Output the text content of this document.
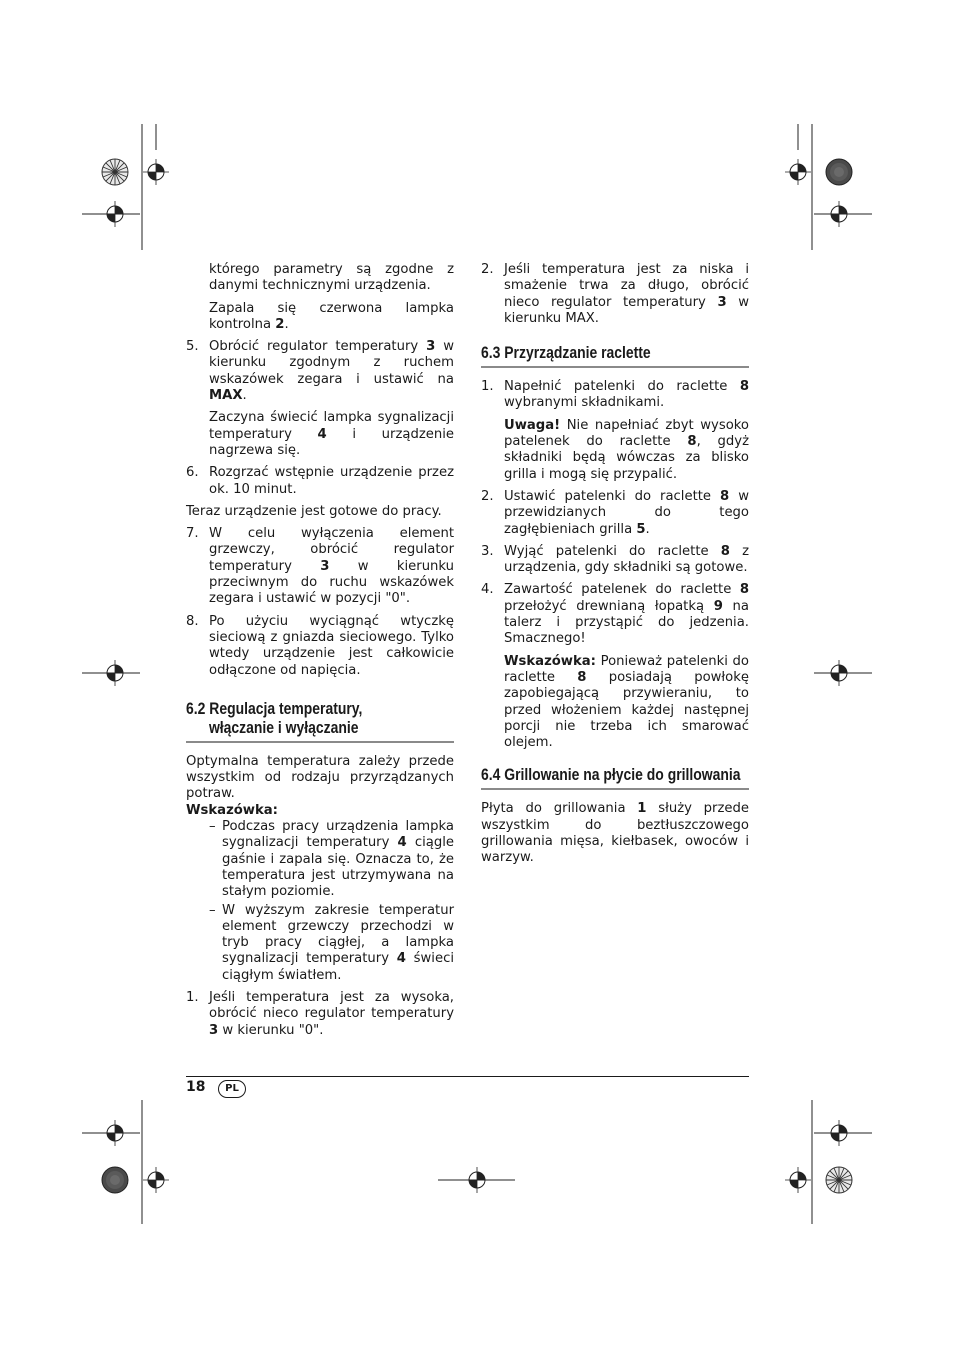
którego parametry są zgodne z danymi technicznymi urządzenia.

Zapala się czerwona lampka kontrolna 2.

5. Obrócić regulator temperatury 3 w kierunku zgodnym z ruchem wskazówek zegara i ustawić na MAX.

Zaczyna świecić lampka sygnalizacji temperatury 4 i urządzenie nagrzewa się.

6. Rozgrzać wstępnie urządzenie przez ok. 10 minut.

Teraz urządzenie jest gotowe do pracy.

7. W celu wyłączenia element grzewczy, obrócić regulator temperatury 3 w kierunku przeciwnym do ruchu wskazówek zegara i ustawić w pozycji "0".

8. Po użyciu wyciągnąć wtyczkę sieciową z gniazda sieciowego. Tylko wtedy urządzenie jest całkowicie odłączone od napięcia.

6.2 Regulacja temperatury,
włączanie i wyłączanie

Optymalna temperatura zależy przede wszystkim od rodzaju przyrządzanych potraw.

Wskazówka:

– Podczas pracy urządzenia lampka sygnalizacji temperatury 4 ciągle gaśnie i zapala się. Oznacza to, że temperatura jest utrzymywana na stałym poziomie.

– W wyższym zakresie temperatur element grzewczy przechodzi w tryb pracy ciągłej, a lampka sygnalizacji temperatury 4 świeci ciągłym światłem.

1. Jeśli temperatura jest za wysoka, obrócić nieco regulator temperatury 3 w kierunku "0".

2. Jeśli temperatura jest za niska i smażenie trwa za długo, obrócić nieco regulator temperatury 3 w kierunku MAX.

6.3 Przyrządzanie raclette
1. Napełnić patelenki do raclette 8 wybranymi składnikami.

Uwaga! Nie napełniać zbyt wysoko patelenek do raclette 8, gdyż składniki będą wówczas za blisko grilla i mogą się przypalić.

2. Ustawić patelenki do raclette 8 w przewidzianych do tego zagłębieniach grilla 5.

3. Wyjąć patelenki do raclette 8 z urządzenia, gdy składniki są gotowe.

4. Zawartość patelenek do raclette 8 przełożyć drewnianą łopatką 9 na talerz i przystąpić do jedzenia. Smacznego!

Wskazówka: Ponieważ patelenki do raclette 8 posiadają powłokę zapobiegającą przywieraniu, to przed włożeniem każdej następnej porcji nie trzeba ich smarować olejem.

6.4 Grillowanie na płycie do grillowania

Płyta do grillowania 1 służy przede wszystkim do beztłuszczowego grillowania mięsa, kiełbasek, owoców i warzyw.

18	PL
